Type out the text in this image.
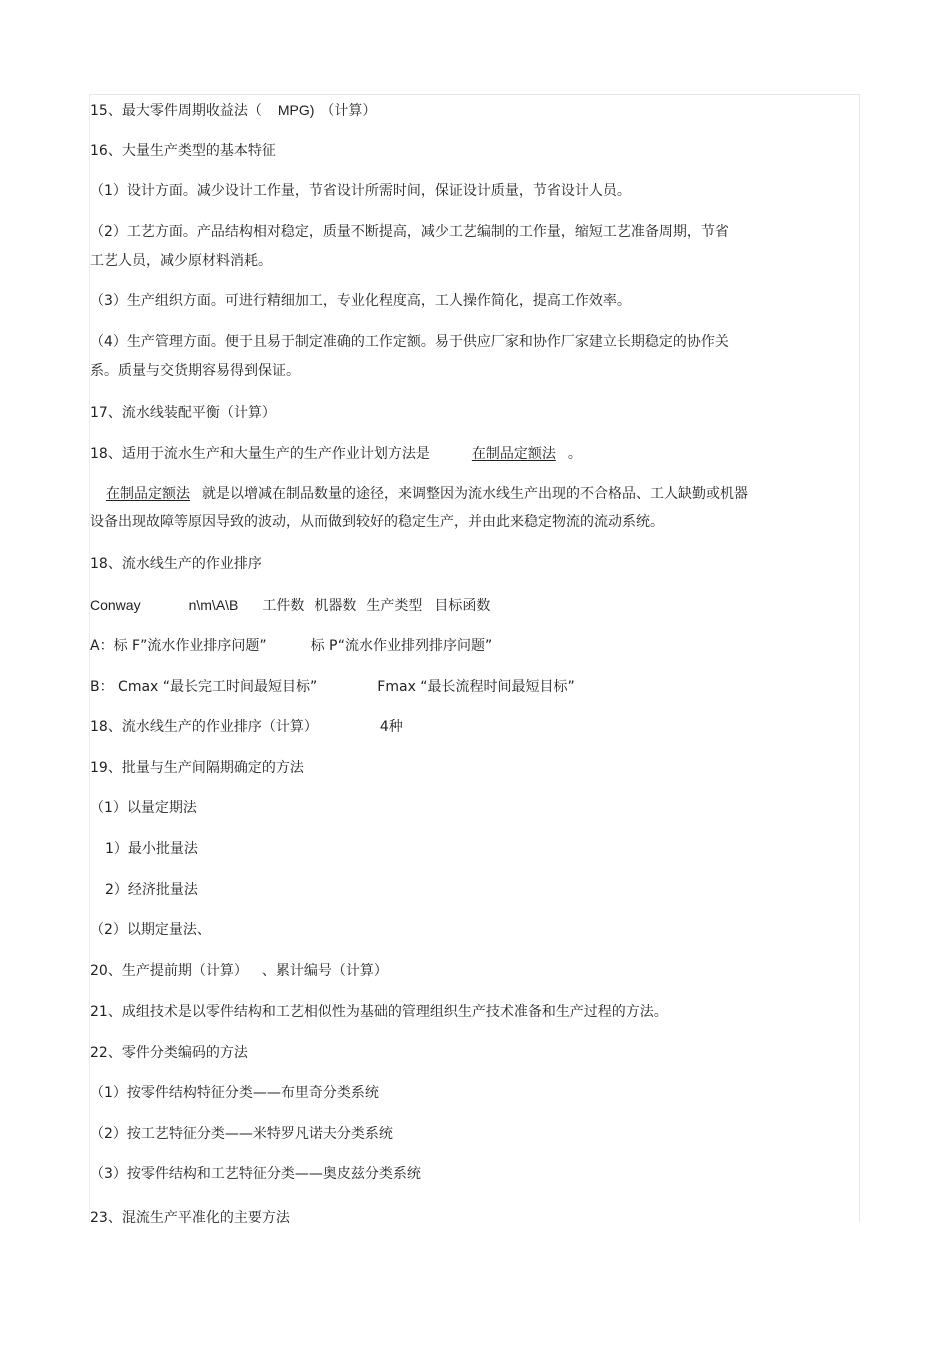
15、最大零件周期收益法（ MPG) （计算）
16、大量生产类型的基本特征
（1）设计方面。减少设计工作量，节省设计所需时间，保证设计质量，节省设计人员。
（2）工艺方面。产品结构相对稳定，质量不断提高，减少工艺编制的工作量，缩短工艺准备周期，节省
工艺人员，减少原材料消耗。
（3）生产组织方面。可进行精细加工，专业化程度高，工人操作简化，提高工作效率。
（4）生产管理方面。便于且易于制定准确的工作定额。易于供应厂家和协作厂家建立长期稳定的协作关
系。质量与交货期容易得到保证。
17、流水线装配平衡（计算）
18、适用于流水生产和大量生产的生产作业计划方法是	在制品定额法 。
在制品定额法 就是以增减在制品数量的途径，来调整因为流水线生产出现的不合格品、工人缺勤或机器
设备出现故障等原因导致的波动，从而做到较好的稳定生产，并由此来稳定物流的流动系统。
18、流水线生产的作业排序
Conway	n\m\A\B 工件数 机器数 生产类型 目标函数
A：标 F”流水作业排序问题”	标 P“流水作业排列排序问题”
B： Cmax “最长完工时间最短目标”	Fmax “最长流程时间最短目标”
18、流水线生产的作业排序（计算）	4种
19、批量与生产间隔期确定的方法
（1）以量定期法
1）最小批量法
2）经济批量法
（2）以期定量法、
20、生产提前期（计算） 、累计编号（计算）
21、成组技术是以零件结构和工艺相似性为基础的管理组织生产技术准备和生产过程的方法。
22、零件分类编码的方法
（1）按零件结构特征分类——布里奇分类系统
（2）按工艺特征分类——米特罗凡诺夫分类系统
（3）按零件结构和工艺特征分类——奥皮兹分类系统
23、混流生产平准化的主要方法
